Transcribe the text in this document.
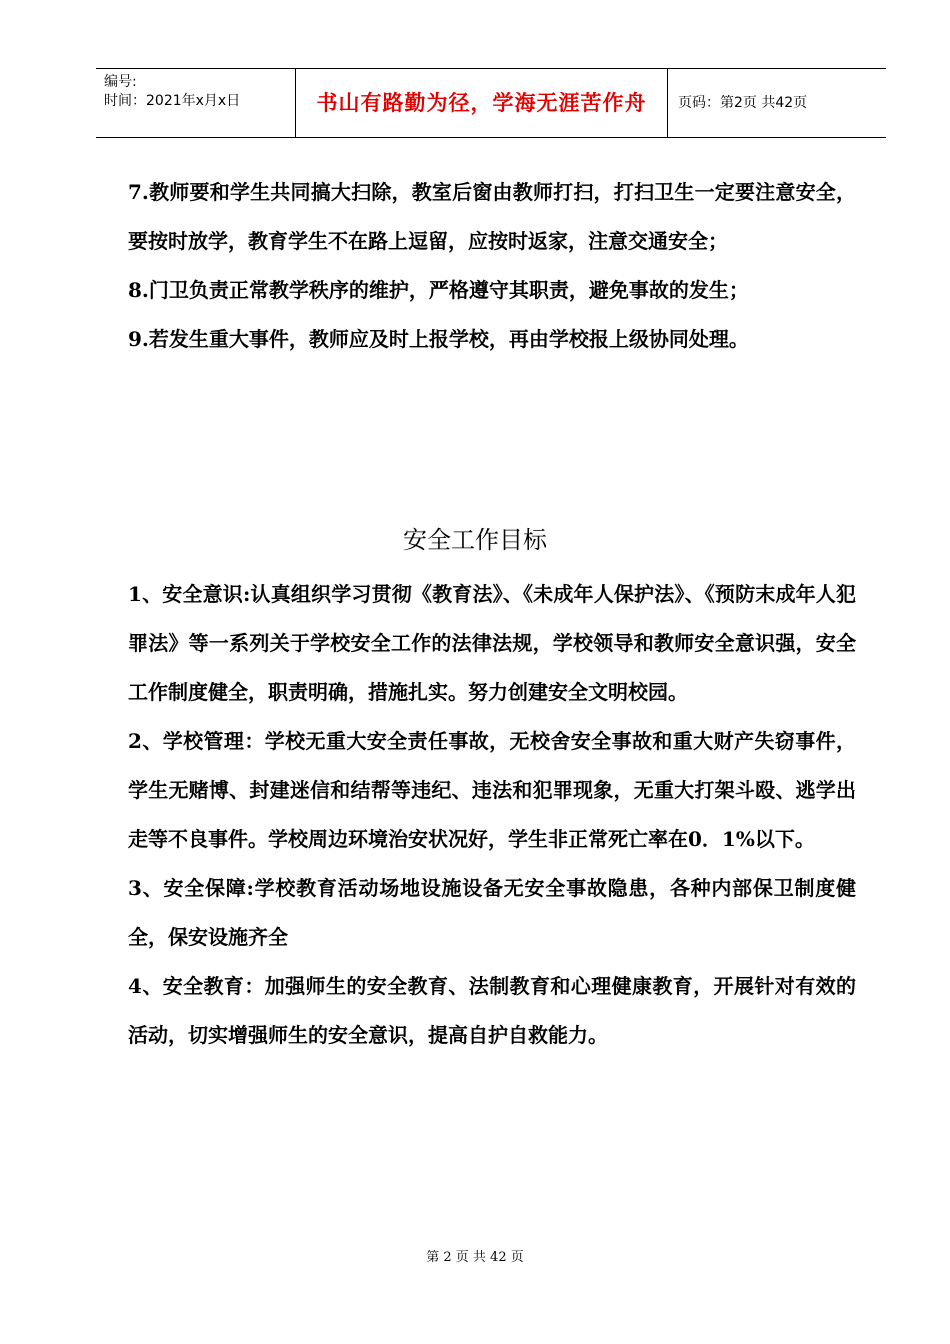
编号:
时间：2021年x月x日	书山有路勤为径，学海无涯苦作舟	页码：第2页 共42页

7.教师要和学生共同搞大扫除，教室后窗由教师打扫，打扫卫生一定要注意安全，要按时放学，教育学生不在路上逗留，应按时返家，注意交通安全；

8.门卫负责正常教学秩序的维护，严格遵守其职责，避免事故的发生；

9.若发生重大事件，教师应及时上报学校，再由学校报上级协同处理。

安全工作目标

1、安全意识:认真组织学习贯彻《教育法》、《未成年人保护法》、《预防末成年人犯罪法》等一系列关于学校安全工作的法律法规，学校领导和教师安全意识强，安全工作制度健全，职责明确，措施扎实。努力创建安全文明校园。

2、学校管理：学校无重大安全责任事故，无校舍安全事故和重大财产失窃事件，学生无赌博、封建迷信和结帮等违纪、违法和犯罪现象，无重大打架斗殴、逃学出走等不良事件。学校周边环境治安状况好，学生非正常死亡率在0．1%以下。

3、安全保障:学校教育活动场地设施设备无安全事故隐患，各种内部保卫制度健全，保安设施齐全

4、安全教育：加强师生的安全教育、法制教育和心理健康教育，开展针对有效的活动，切实增强师生的安全意识，提高自护自救能力。

第 2 页 共 42 页
